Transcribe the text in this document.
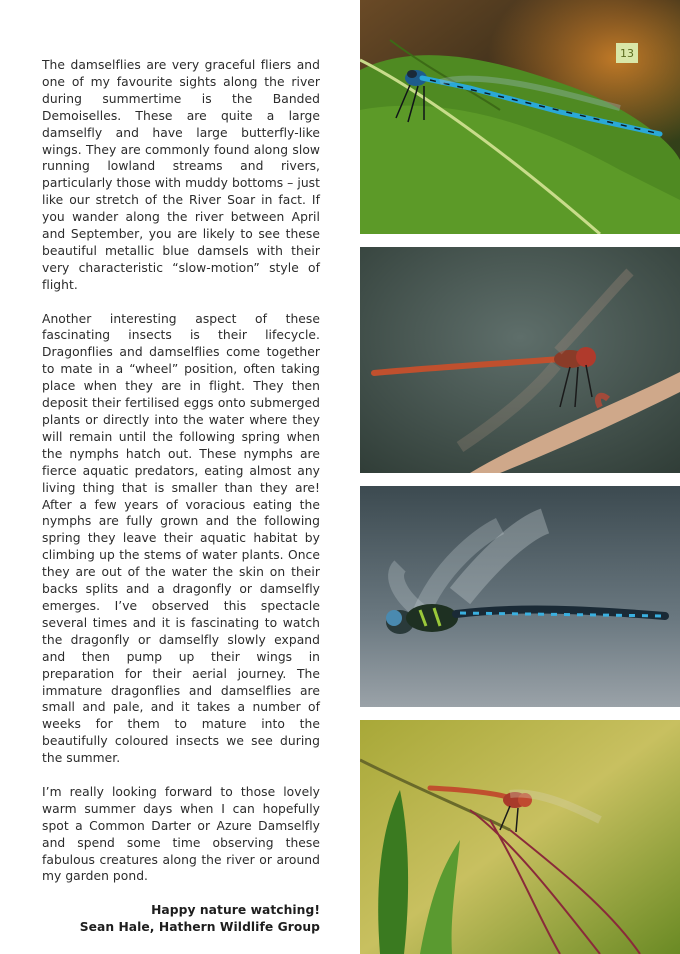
The damselflies are very graceful fliers and one of my favourite sights along the river during summertime is the Banded Demoiselles. These are quite a large damselfly and have large butterfly-like wings. They are commonly found along slow running lowland streams and rivers, particularly those with muddy bottoms – just like our stretch of the River Soar in fact. If you wander along the river between April and September, you are likely to see these beautiful metallic blue damsels with their very characteristic “slow-motion” style of flight.

Another interesting aspect of these fascinating insects is their lifecycle. Dragonflies and damselflies come together to mate in a “wheel” position, often taking place when they are in flight. They then deposit their fertilised eggs onto submerged plants or directly into the water where they will remain until the following spring when the nymphs hatch out. These nymphs are fierce aquatic predators, eating almost any living thing that is smaller than they are! After a few years of voracious eating the nymphs are fully grown and the following spring they leave their aquatic habitat by climbing up the stems of water plants. Once they are out of the water the skin on their backs splits and a dragonfly or damselfly emerges. I’ve observed this spectacle several times and it is fascinating to watch the dragonfly or damselfly slowly expand and then pump up their wings in preparation for their aerial journey. The immature dragonflies and damselflies are small and pale, and it takes a number of weeks for them to mature into the beautifully coloured insects we see during the summer.

I’m really looking forward to those lovely warm summer days when I can hopefully spot a Common Darter or Azure Damselfly and spend some time observing these fabulous creatures along the river or around my garden pond.

Happy nature watching!
Sean Hale, Hathern Wildlife Group
13
